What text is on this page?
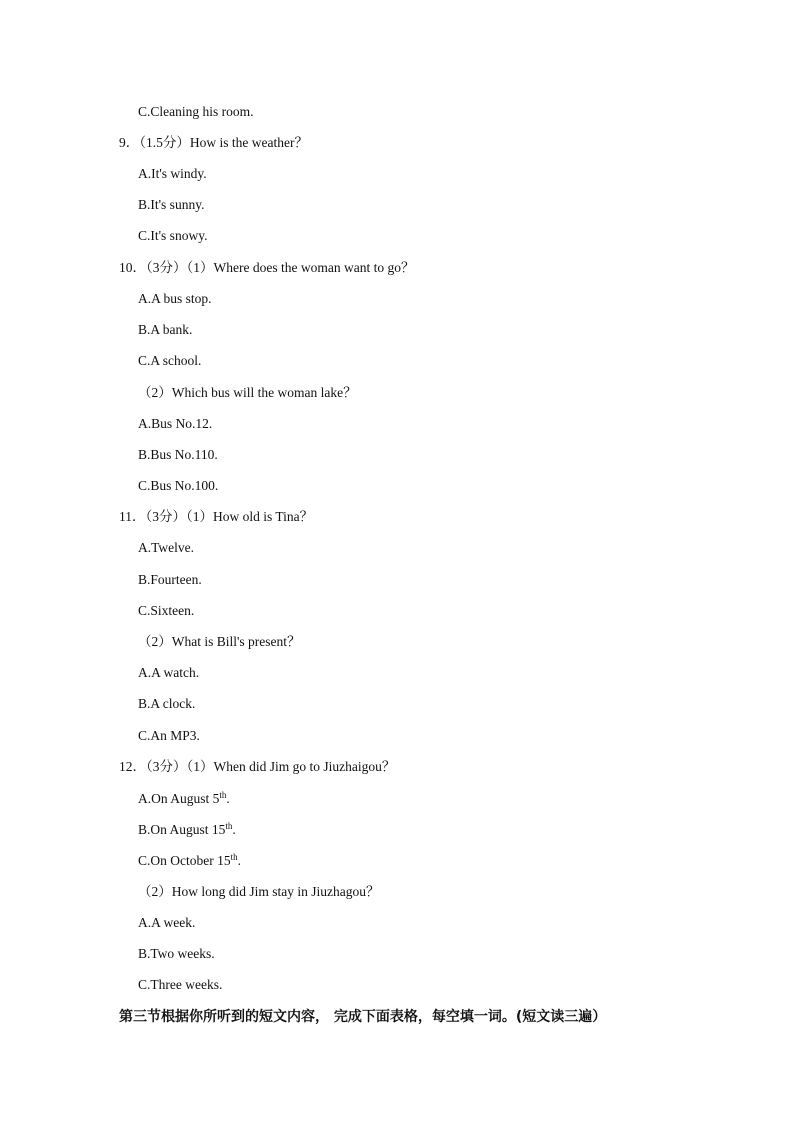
C.Cleaning his room.
9．（1.5分）How is the weather？
A.It's windy.
B.It's sunny.
C.It's snowy.
10．（3分）（1）Where does the woman want to go？
A.A bus stop.
B.A bank.
C.A school.
（2）Which bus will the woman lake？
A.Bus No.12.
B.Bus No.110.
C.Bus No.100.
11．（3分）（1）How old is Tina？
A.Twelve.
B.Fourteen.
C.Sixteen.
（2）What is Bill's present？
A.A watch.
B.A clock.
C.An MP3.
12．（3分）（1）When did Jim go to Jiuzhaigou？
A.On August 5th.
B.On August 15th.
C.On October 15th.
（2）How long did Jim stay in Jiuzhagou？
A.A week.
B.Two weeks.
C.Three weeks.
第三节根据你所听到的短文内容， 完成下面表格，每空填一词。(短文读三遍）
